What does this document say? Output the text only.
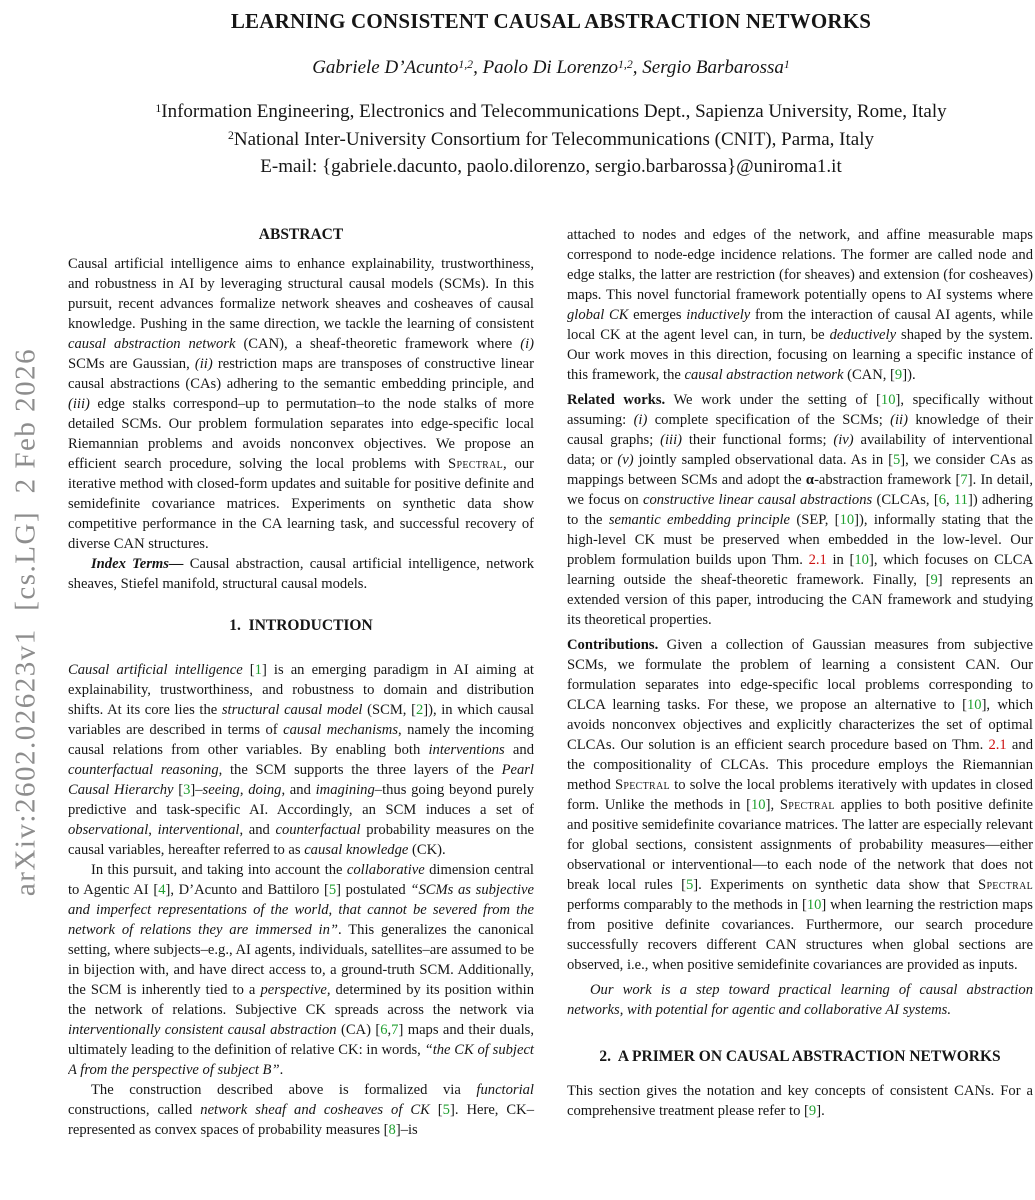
arXiv:2602.02623v1  [cs.LG]  2 Feb 2026
LEARNING CONSISTENT CAUSAL ABSTRACTION NETWORKS
Gabriele D’Acunto$^{1,2}$, Paolo Di Lorenzo$^{1,2}$, Sergio Barbarossa$^1$
$^1$Information Engineering, Electronics and Telecommunications Dept., Sapienza University, Rome, Italy
$^2$National Inter-University Consortium for Telecommunications (CNIT), Parma, Italy
E-mail: {gabriele.dacunto, paolo.dilorenzo, sergio.barbarossa}@uniroma1.it
ABSTRACT

Causal artificial intelligence aims to enhance explainability, trustworthiness, and robustness in AI by leveraging structural causal models (SCMs). In this pursuit, recent advances formalize network sheaves and cosheaves of causal knowledge. Pushing in the same direction, we tackle the learning of consistent causal abstraction network (CAN), a sheaf-theoretic framework where (i) SCMs are Gaussian, (ii) restriction maps are transposes of constructive linear causal abstractions (CAs) adhering to the semantic embedding principle, and (iii) edge stalks correspond–up to permutation–to the node stalks of more detailed SCMs. Our problem formulation separates into edge-specific local Riemannian problems and avoids nonconvex objectives. We propose an efficient search procedure, solving the local problems with Spectral, our iterative method with closed-form updates and suitable for positive definite and semidefinite covariance matrices. Experiments on synthetic data show competitive performance in the CA learning task, and successful recovery of diverse CAN structures.

Index Terms— Causal abstraction, causal artificial intelligence, network sheaves, Stiefel manifold, structural causal models.

1.  INTRODUCTION

Causal artificial intelligence [1] is an emerging paradigm in AI aiming at explainability, trustworthiness, and robustness to domain and distribution shifts. At its core lies the structural causal model (SCM, [2]), in which causal variables are described in terms of causal mechanisms, namely the incoming causal relations from other variables. By enabling both interventions and counterfactual reasoning, the SCM supports the three layers of the Pearl Causal Hierarchy [3]–seeing, doing, and imagining–thus going beyond purely predictive and task-specific AI. Accordingly, an SCM induces a set of observational, interventional, and counterfactual probability measures on the causal variables, hereafter referred to as causal knowledge (CK).

In this pursuit, and taking into account the collaborative dimension central to Agentic AI [4], D’Acunto and Battiloro [5] postulated “SCMs as subjective and imperfect representations of the world, that cannot be severed from the network of relations they are immersed in”. This generalizes the canonical setting, where subjects–e.g., AI agents, individuals, satellites–are assumed to be in bijection with, and have direct access to, a ground-truth SCM. Additionally, the SCM is inherently tied to a perspective, determined by its position within the network of relations. Subjective CK spreads across the network via interventionally consistent causal abstraction (CA) [6,7] maps and their duals, ultimately leading to the definition of relative CK: in words, “the CK of subject A from the perspective of subject B”.

The construction described above is formalized via functorial constructions, called network sheaf and cosheaves of CK [5]. Here, CK–represented as convex spaces of probability measures [8]–is

attached to nodes and edges of the network, and affine measurable maps correspond to node-edge incidence relations. The former are called node and edge stalks, the latter are restriction (for sheaves) and extension (for cosheaves) maps. This novel functorial framework potentially opens to AI systems where global CK emerges inductively from the interaction of causal AI agents, while local CK at the agent level can, in turn, be deductively shaped by the system. Our work moves in this direction, focusing on learning a specific instance of this framework, the causal abstraction network (CAN, [9]).

Related works. We work under the setting of [10], specifically without assuming: (i) complete specification of the SCMs; (ii) knowledge of their causal graphs; (iii) their functional forms; (iv) availability of interventional data; or (v) jointly sampled observational data. As in [5], we consider CAs as mappings between SCMs and adopt the α-abstraction framework [7]. In detail, we focus on constructive linear causal abstractions (CLCAs, [6, 11]) adhering to the semantic embedding principle (SEP, [10]), informally stating that the high-level CK must be preserved when embedded in the low-level. Our problem formulation builds upon Thm. 2.1 in [10], which focuses on CLCA learning outside the sheaf-theoretic framework. Finally, [9] represents an extended version of this paper, introducing the CAN framework and studying its theoretical properties.

Contributions. Given a collection of Gaussian measures from subjective SCMs, we formulate the problem of learning a consistent CAN. Our formulation separates into edge-specific local problems corresponding to CLCA learning tasks. For these, we propose an alternative to [10], which avoids nonconvex objectives and explicitly characterizes the set of optimal CLCAs. Our solution is an efficient search procedure based on Thm. 2.1 and the compositionality of CLCAs. This procedure employs the Riemannian method Spectral to solve the local problems iteratively with updates in closed form. Unlike the methods in [10], Spectral applies to both positive definite and positive semidefinite covariance matrices. The latter are especially relevant for global sections, consistent assignments of probability measures—either observational or interventional—to each node of the network that does not break local rules [5]. Experiments on synthetic data show that Spectral performs comparably to the methods in [10] when learning the restriction maps from positive definite covariances. Furthermore, our search procedure successfully recovers different CAN structures when global sections are observed, i.e., when positive semidefinite covariances are provided as inputs.

Our work is a step toward practical learning of causal abstraction networks, with potential for agentic and collaborative AI systems.

2.  A PRIMER ON CAUSAL ABSTRACTION NETWORKS

This section gives the notation and key concepts of consistent CANs. For a comprehensive treatment please refer to [9].
